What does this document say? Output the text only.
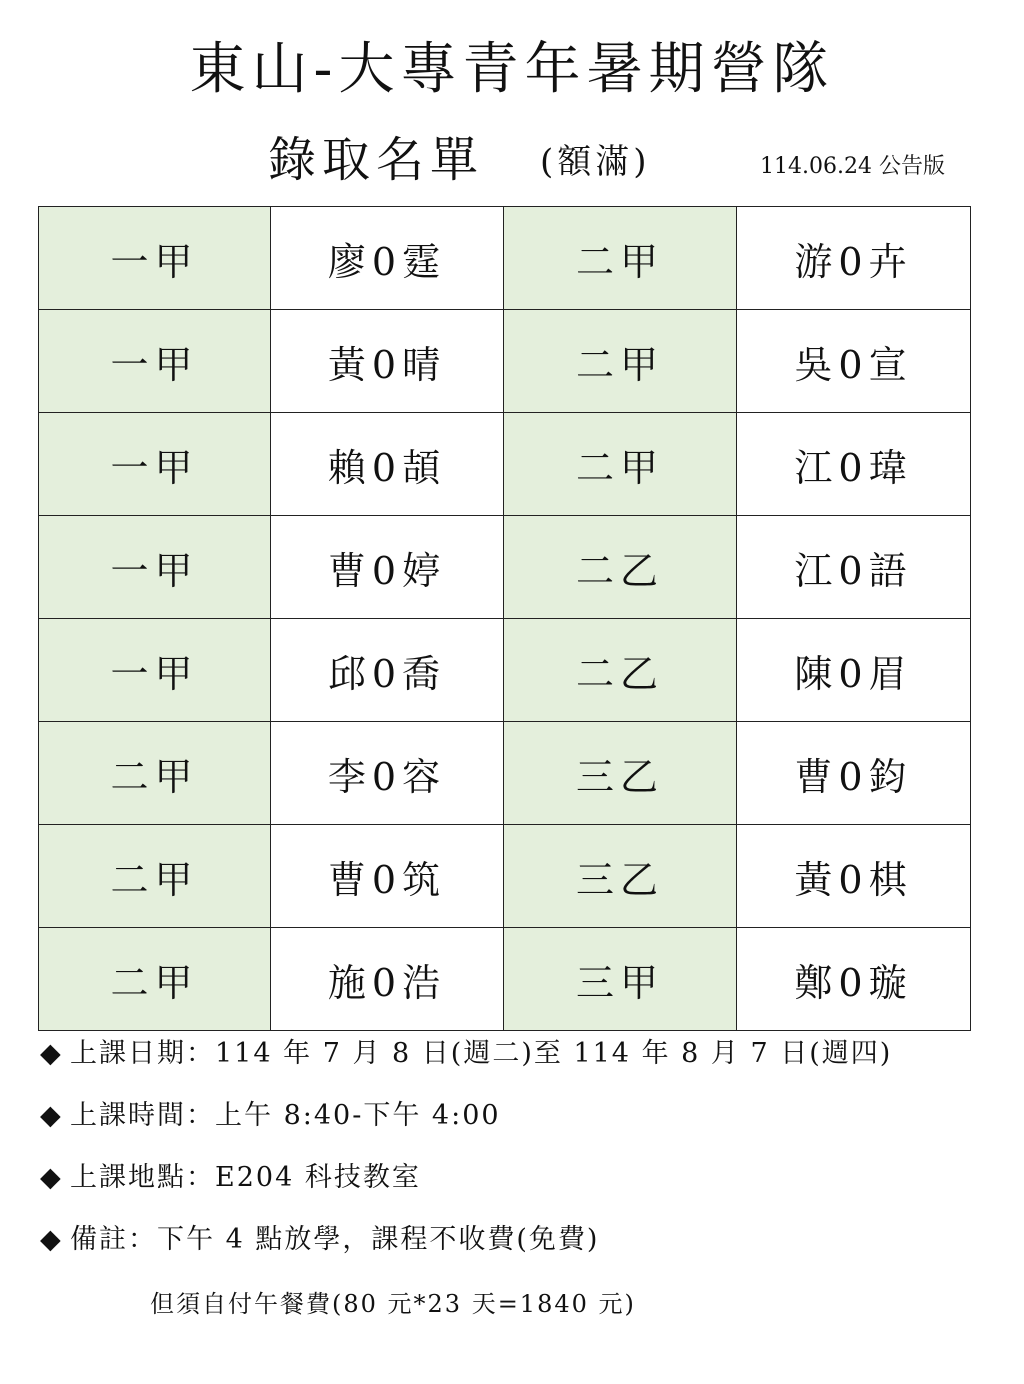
東山-大專青年暑期營隊
錄取名單 (額滿)	114.06.24 公告版
一甲	廖0霆	二甲	游0卉
一甲	黃0晴	二甲	吳0宣
一甲	賴0頡	二甲	江0瑋
一甲	曹0婷	二乙	江0語
一甲	邱0喬	二乙	陳0眉
二甲	李0容	三乙	曹0鈞
二甲	曹0筑	三乙	黃0棋
二甲	施0浩	三甲	鄭0璇
◆ 上課日期：114 年 7 月 8 日(週二)至 114 年 8 月 7 日(週四)
◆ 上課時間：上午 8:40-下午 4:00
◆ 上課地點：E204 科技教室
◆ 備註：下午 4 點放學，課程不收費(免費)
但須自付午餐費(80 元*23 天=1840 元)
